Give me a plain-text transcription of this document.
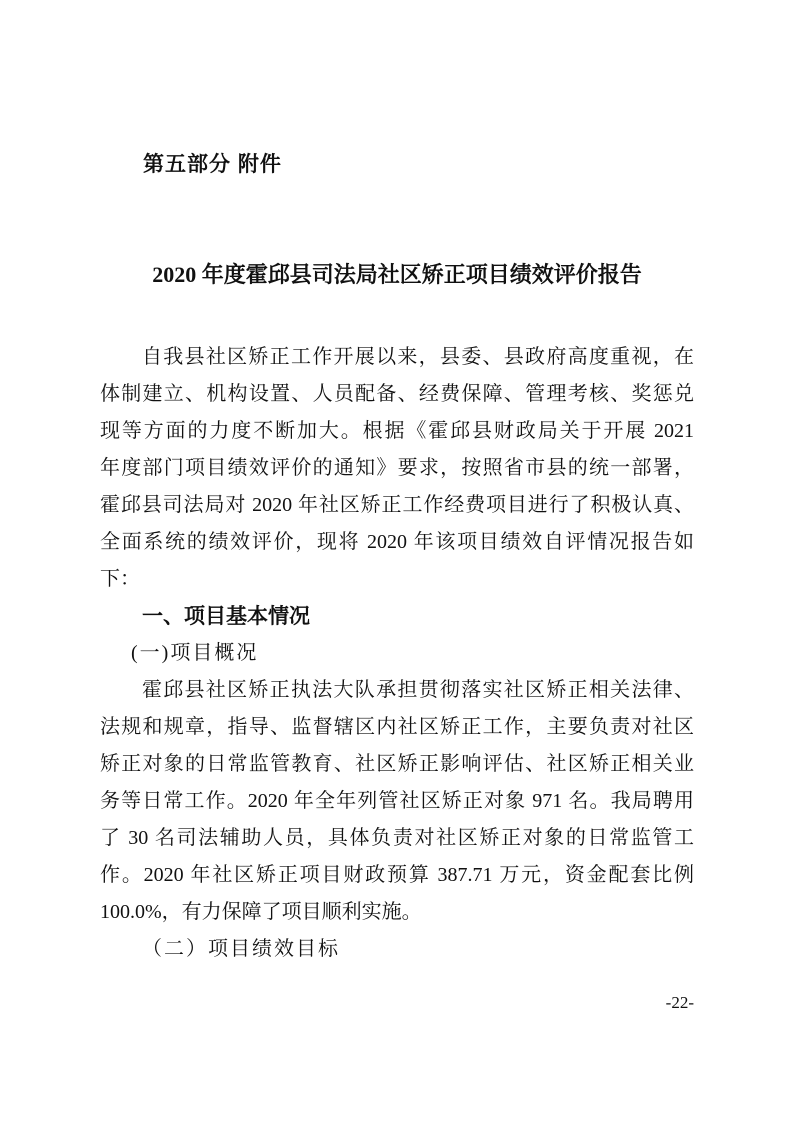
第五部分 附件
2020 年度霍邱县司法局社区矫正项目绩效评价报告
自我县社区矫正工作开展以来，县委、县政府高度重视，在
体制建立、机构设置、人员配备、经费保障、管理考核、奖惩兑
现等方面的力度不断加大。根据《霍邱县财政局关于开展 2021
年度部门项目绩效评价的通知》要求，按照省市县的统一部署，
霍邱县司法局对 2020 年社区矫正工作经费项目进行了积极认真、
全面系统的绩效评价，现将 2020 年该项目绩效自评情况报告如
下：
一、项目基本情况
(一)项目概况
霍邱县社区矫正执法大队承担贯彻落实社区矫正相关法律、
法规和规章，指导、监督辖区内社区矫正工作，主要负责对社区
矫正对象的日常监管教育、社区矫正影响评估、社区矫正相关业
务等日常工作。2020 年全年列管社区矫正对象 971 名。我局聘用
了 30 名司法辅助人员，具体负责对社区矫正对象的日常监管工
作。2020 年社区矫正项目财政预算 387.71 万元，资金配套比例
100.0%，有力保障了项目顺利实施。
（二）项目绩效目标
-22-
